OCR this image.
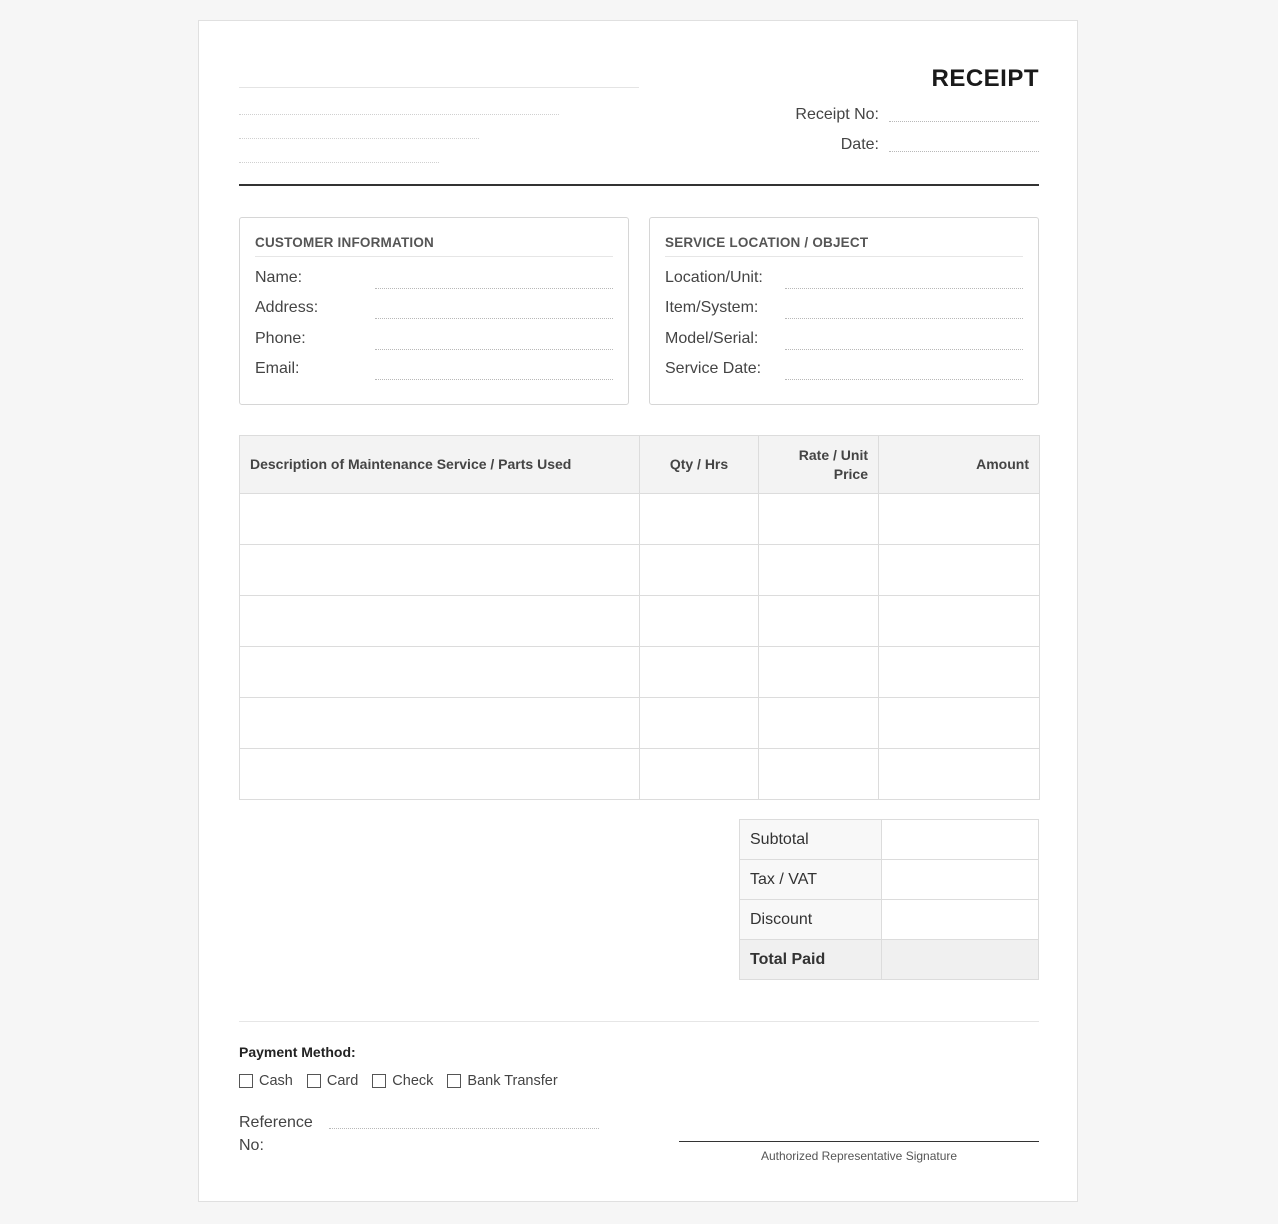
RECEIPT
Receipt No:
Date:
CUSTOMER INFORMATION
Name:
Address:
Phone:
Email:
SERVICE LOCATION / OBJECT
Location/Unit:
Item/System:
Model/Serial:
Service Date:
Description of Maintenance Service / Parts Used	Qty / Hrs	Rate / Unit Price	Amount

Subtotal	
Tax / VAT	
Discount	
Total Paid	
Payment Method:
Cash Card Check Bank Transfer
Reference No:
Authorized Representative Signature
